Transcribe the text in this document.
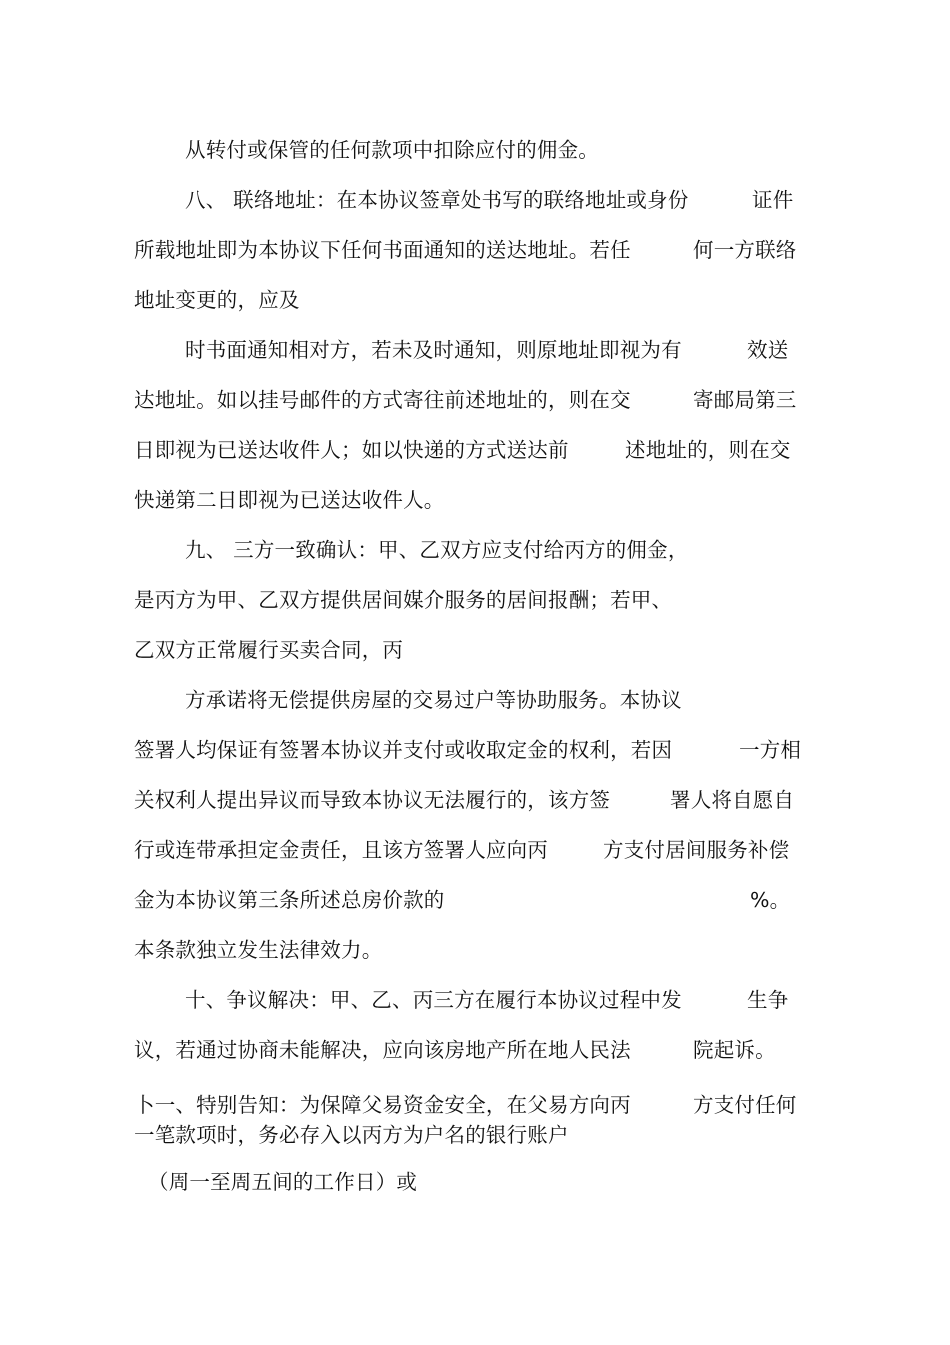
从转付或保管的任何款项中扣除应付的佣金。
八、 联络地址：在本协议签章处书写的联络地址或身份	证件
所载地址即为本协议下任何书面通知的送达地址。若任	何一方联络
地址变更的，应及
时书面通知相对方，若未及时通知，则原地址即视为有	效送
达地址。如以挂号邮件的方式寄往前述地址的，则在交	寄邮局第三
日即视为已送达收件人；如以快递的方式送达前	述地址的，则在交
快递第二日即视为已送达收件人。
九、 三方一致确认：甲、乙双方应支付给丙方的佣金，
是丙方为甲、乙双方提供居间媒介服务的居间报酬；若甲、
乙双方正常履行买卖合同，丙
方承诺将无偿提供房屋的交易过户等协助服务。本协议
签署人均保证有签署本协议并支付或收取定金的权利，若因	一方相
关权利人提出异议而导致本协议无法履行的，该方签	署人将自愿自
行或连带承担定金责任，且该方签署人应向丙	方支付居间服务补偿
金为本协议第三条所述总房价款的	%。
本条款独立发生法律效力。
十、争议解决：甲、乙、丙三方在履行本协议过程中发	生争
议，若通过协商未能解决，应向该房地产所在地人民法	院起诉。
卜一、特别告知：为保障父易资金安全，在父易方向丙	方支付任何
一笔款项时，务必存入以丙方为户名的银行账户
（周一至周五间的工作日）或
